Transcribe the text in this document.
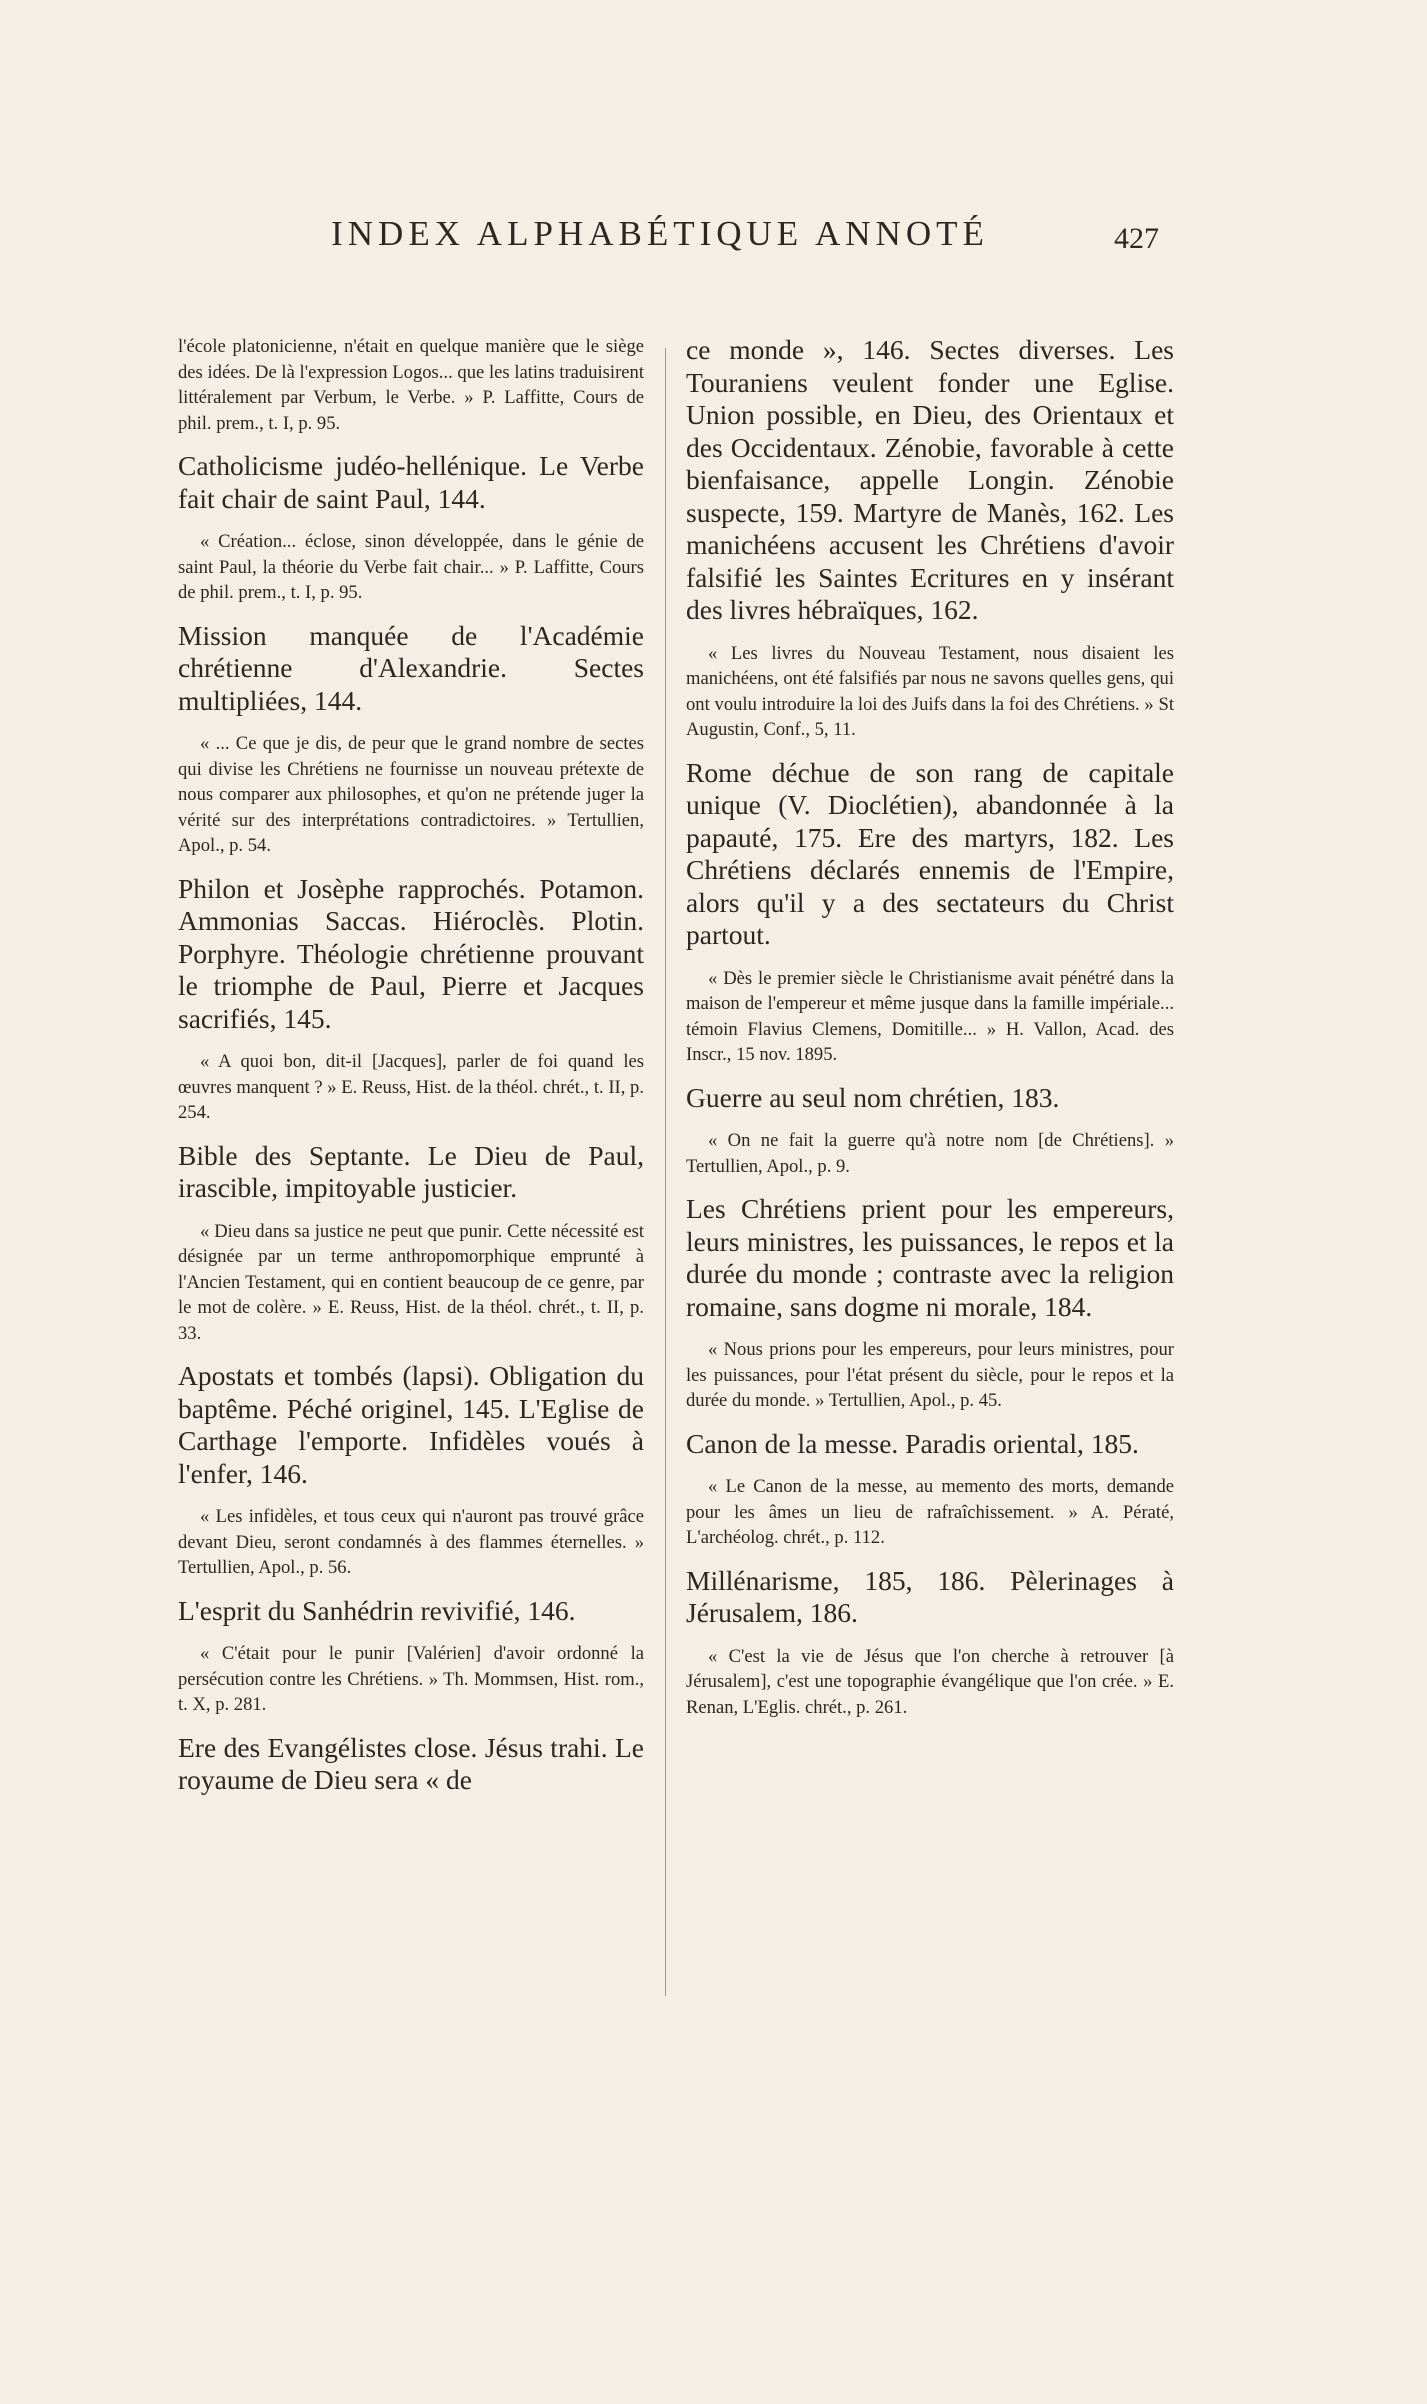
INDEX ALPHABÉTIQUE ANNOTÉ	427

l'école platonicienne, n'était en quelque manière que le siège des idées. De là l'expression Logos... que les latins traduisirent littéralement par Verbum, le Verbe. » P. Laffitte, Cours de phil. prem., t. I, p. 95.

Catholicisme judéo-hellénique. Le Verbe fait chair de saint Paul, 144.

« Création... éclose, sinon développée, dans le génie de saint Paul, la théorie du Verbe fait chair... » P. Laffitte, Cours de phil. prem., t. I, p. 95.

Mission manquée de l'Académie chrétienne d'Alexandrie. Sectes multipliées, 144.

« ... Ce que je dis, de peur que le grand nombre de sectes qui divise les Chrétiens ne fournisse un nouveau prétexte de nous comparer aux philosophes, et qu'on ne prétende juger la vérité sur des interprétations contradictoires. » Tertullien, Apol., p. 54.

Philon et Josèphe rapprochés. Potamon. Ammonias Saccas. Hiéroclès. Plotin. Porphyre. Théologie chrétienne prouvant le triomphe de Paul, Pierre et Jacques sacrifiés, 145.

« A quoi bon, dit-il [Jacques], parler de foi quand les œuvres manquent ? » E. Reuss, Hist. de la théol. chrét., t. II, p. 254.

Bible des Septante. Le Dieu de Paul, irascible, impitoyable justicier.

« Dieu dans sa justice ne peut que punir. Cette nécessité est désignée par un terme anthropomorphique emprunté à l'Ancien Testament, qui en contient beaucoup de ce genre, par le mot de colère. » E. Reuss, Hist. de la théol. chrét., t. II, p. 33.

Apostats et tombés (lapsi). Obligation du baptême. Péché originel, 145. L'Eglise de Carthage l'emporte. Infidèles voués à l'enfer, 146.

« Les infidèles, et tous ceux qui n'auront pas trouvé grâce devant Dieu, seront condamnés à des flammes éternelles. » Tertullien, Apol., p. 56.

L'esprit du Sanhédrin revivifié, 146.

« C'était pour le punir [Valérien] d'avoir ordonné la persécution contre les Chrétiens. » Th. Mommsen, Hist. rom., t. X, p. 281.

Ere des Evangélistes close. Jésus trahi. Le royaume de Dieu sera « de

ce monde », 146. Sectes diverses. Les Touraniens veulent fonder une Eglise. Union possible, en Dieu, des Orientaux et des Occidentaux. Zénobie, favorable à cette bienfaisance, appelle Longin. Zénobie suspecte, 159. Martyre de Manès, 162. Les manichéens accusent les Chrétiens d'avoir falsifié les Saintes Ecritures en y insérant des livres hébraïques, 162.

« Les livres du Nouveau Testament, nous disaient les manichéens, ont été falsifiés par nous ne savons quelles gens, qui ont voulu introduire la loi des Juifs dans la foi des Chrétiens. » St Augustin, Conf., 5, 11.

Rome déchue de son rang de capitale unique (V. Dioclétien), abandonnée à la papauté, 175. Ere des martyrs, 182. Les Chrétiens déclarés ennemis de l'Empire, alors qu'il y a des sectateurs du Christ partout.

« Dès le premier siècle le Christianisme avait pénétré dans la maison de l'empereur et même jusque dans la famille impériale... témoin Flavius Clemens, Domitille... » H. Vallon, Acad. des Inscr., 15 nov. 1895.

Guerre au seul nom chrétien, 183.

« On ne fait la guerre qu'à notre nom [de Chrétiens]. » Tertullien, Apol., p. 9.

Les Chrétiens prient pour les empereurs, leurs ministres, les puissances, le repos et la durée du monde ; contraste avec la religion romaine, sans dogme ni morale, 184.

« Nous prions pour les empereurs, pour leurs ministres, pour les puissances, pour l'état présent du siècle, pour le repos et la durée du monde. » Tertullien, Apol., p. 45.

Canon de la messe. Paradis oriental, 185.

« Le Canon de la messe, au memento des morts, demande pour les âmes un lieu de rafraîchissement. » A. Pératé, L'archéolog. chrét., p. 112.

Millénarisme, 185, 186. Pèlerinages à Jérusalem, 186.

« C'est la vie de Jésus que l'on cherche à retrouver [à Jérusalem], c'est une topographie évangélique que l'on crée. » E. Renan, L'Eglis. chrét., p. 261.
